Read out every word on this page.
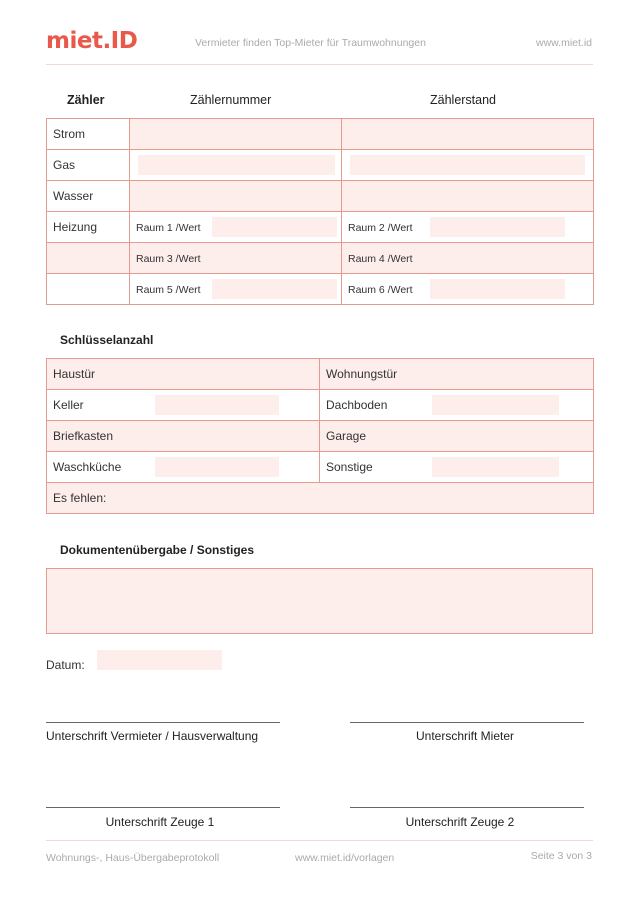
miet.ID	Vermieter finden Top-Mieter für Traumwohnungen	www.miet.id
Zähler	Zählernummer	Zählerstand
Strom		
Gas	

Wasser		
Heizung	Raum 1 /Wert	Raum 2 /Wert

	Raum 3 /Wert	Raum 4 /Wert
	Raum 5 /Wert	Raum 6 /Wert
Schlüsselanzahl
Haustür	Wohnungstür
Keller	Dachboden

Briefkasten	Garage
Waschküche	Sonstige

Es fehlen:	
Dokumentenübergabe / Sonstiges
Datum:
Unterschrift Vermieter / Hausverwaltung	Unterschrift Mieter
Unterschrift Zeuge 1	Unterschrift Zeuge 2
Wohnungs-, Haus-Übergabeprotokoll	www.miet.id/vorlagen	Seite 3 von 3
